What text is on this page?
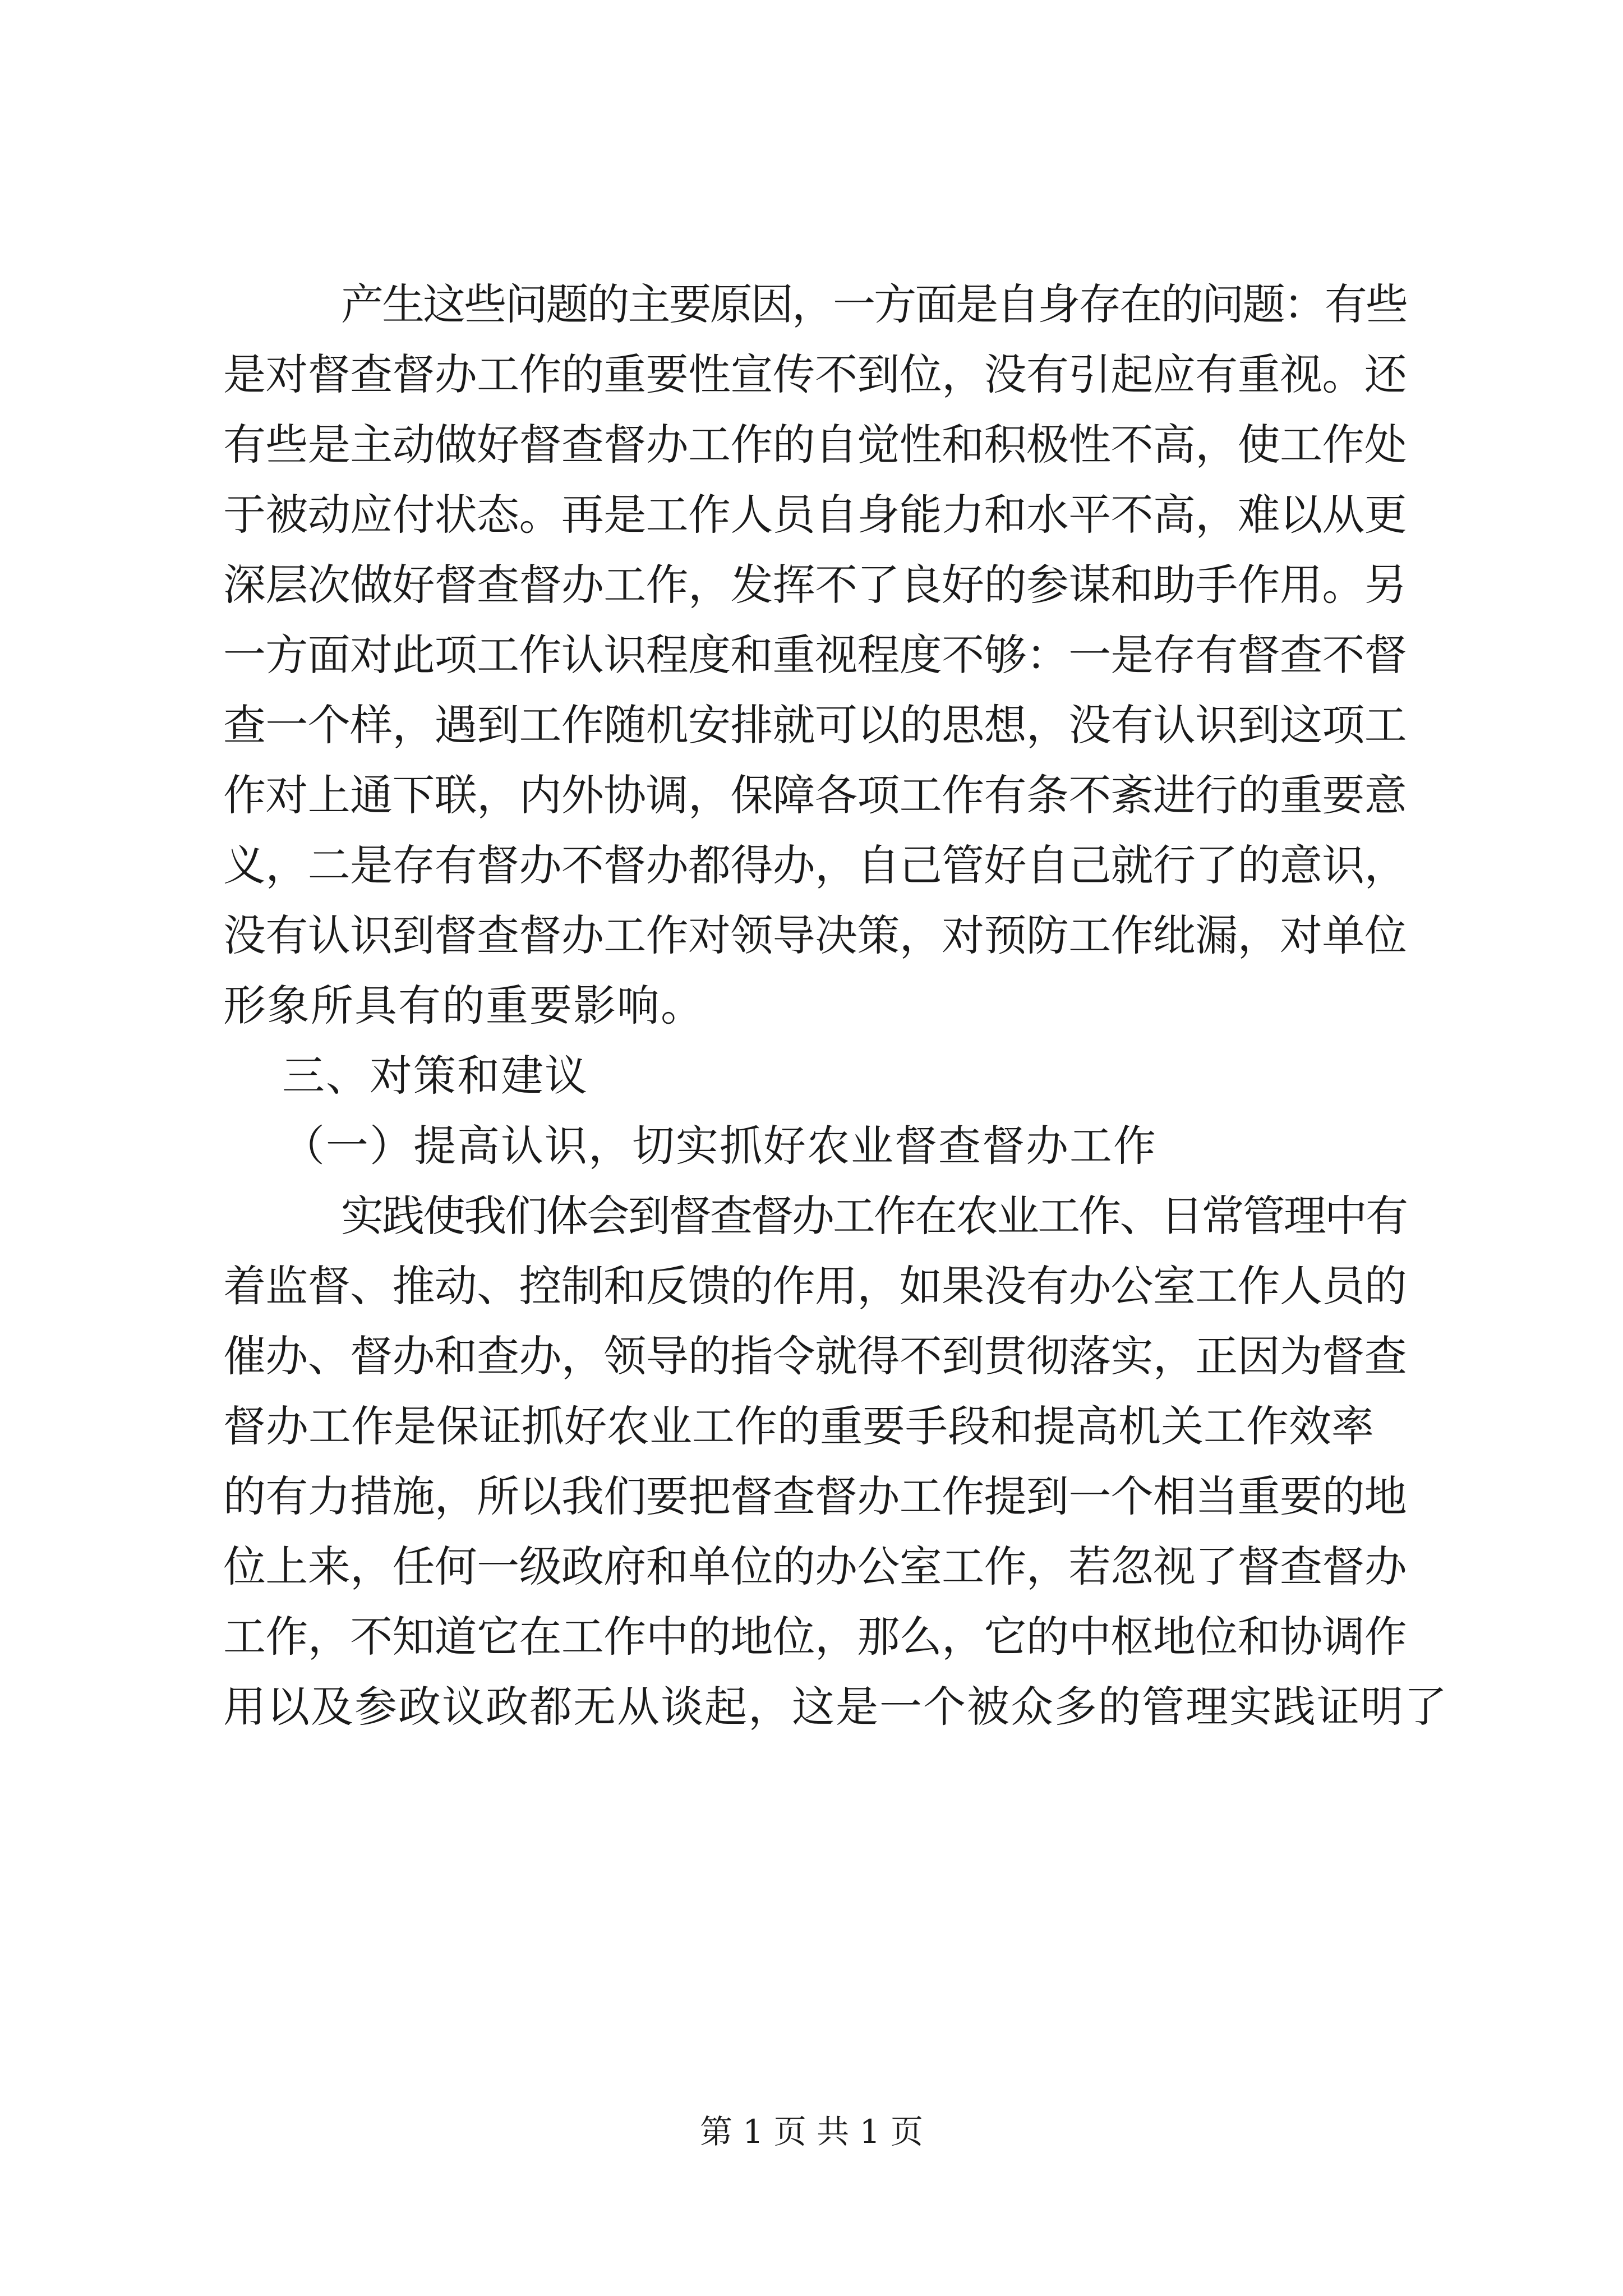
产生这些问题的主要原因，一方面是自身存在的问题：有些
是对督查督办工作的重要性宣传不到位，没有引起应有重视。还
有些是主动做好督查督办工作的自觉性和积极性不高，使工作处
于被动应付状态。再是工作人员自身能力和水平不高，难以从更
深层次做好督查督办工作，发挥不了良好的参谋和助手作用。另
一方面对此项工作认识程度和重视程度不够：一是存有督查不督
查一个样，遇到工作随机安排就可以的思想，没有认识到这项工
作对上通下联，内外协调，保障各项工作有条不紊进行的重要意
义，二是存有督办不督办都得办，自己管好自己就行了的意识，
没有认识到督查督办工作对领导决策，对预防工作纰漏，对单位
形象所具有的重要影响。
三、对策和建议
（一）提高认识，切实抓好农业督查督办工作
实践使我们体会到督查督办工作在农业工作、日常管理中有
着监督、推动、控制和反馈的作用，如果没有办公室工作人员的
催办、督办和查办，领导的指令就得不到贯彻落实，正因为督查
督办工作是保证抓好农业工作的重要手段和提高机关工作效率
的有力措施，所以我们要把督查督办工作提到一个相当重要的地
位上来，任何一级政府和单位的办公室工作，若忽视了督查督办
工作，不知道它在工作中的地位，那么，它的中枢地位和协调作
用以及参政议政都无从谈起，这是一个被众多的管理实践证明了
第 1 页 共 1 页
